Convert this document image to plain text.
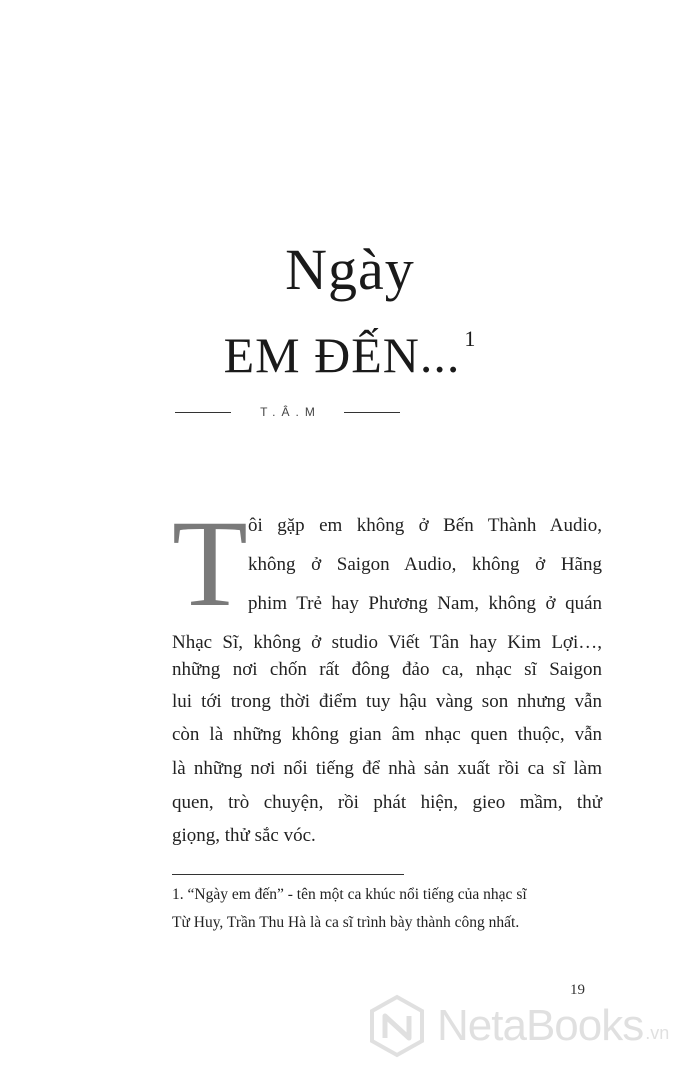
Ngày
EM ĐẾN... $^1$
T.Â.M
T ôi gặp em không ở Bến Thành Audio,
không ở Saigon Audio, không ở Hãng
phim Trẻ hay Phương Nam, không ở quán
Nhạc Sĩ, không ở studio Viết Tân hay Kim Lợi…,
những nơi chốn rất đông đảo ca, nhạc sĩ Saigon
lui tới trong thời điểm tuy hậu vàng son nhưng vẫn
còn là những không gian âm nhạc quen thuộc, vẫn
là những nơi nổi tiếng để nhà sản xuất rồi ca sĩ làm
quen, trò chuyện, rồi phát hiện, gieo mầm, thử
giọng, thử sắc vóc.
1. “Ngày em đến” - tên một ca khúc nổi tiếng của nhạc sĩ
Từ Huy, Trần Thu Hà là ca sĩ trình bày thành công nhất.
19
NetaBooks .vn
